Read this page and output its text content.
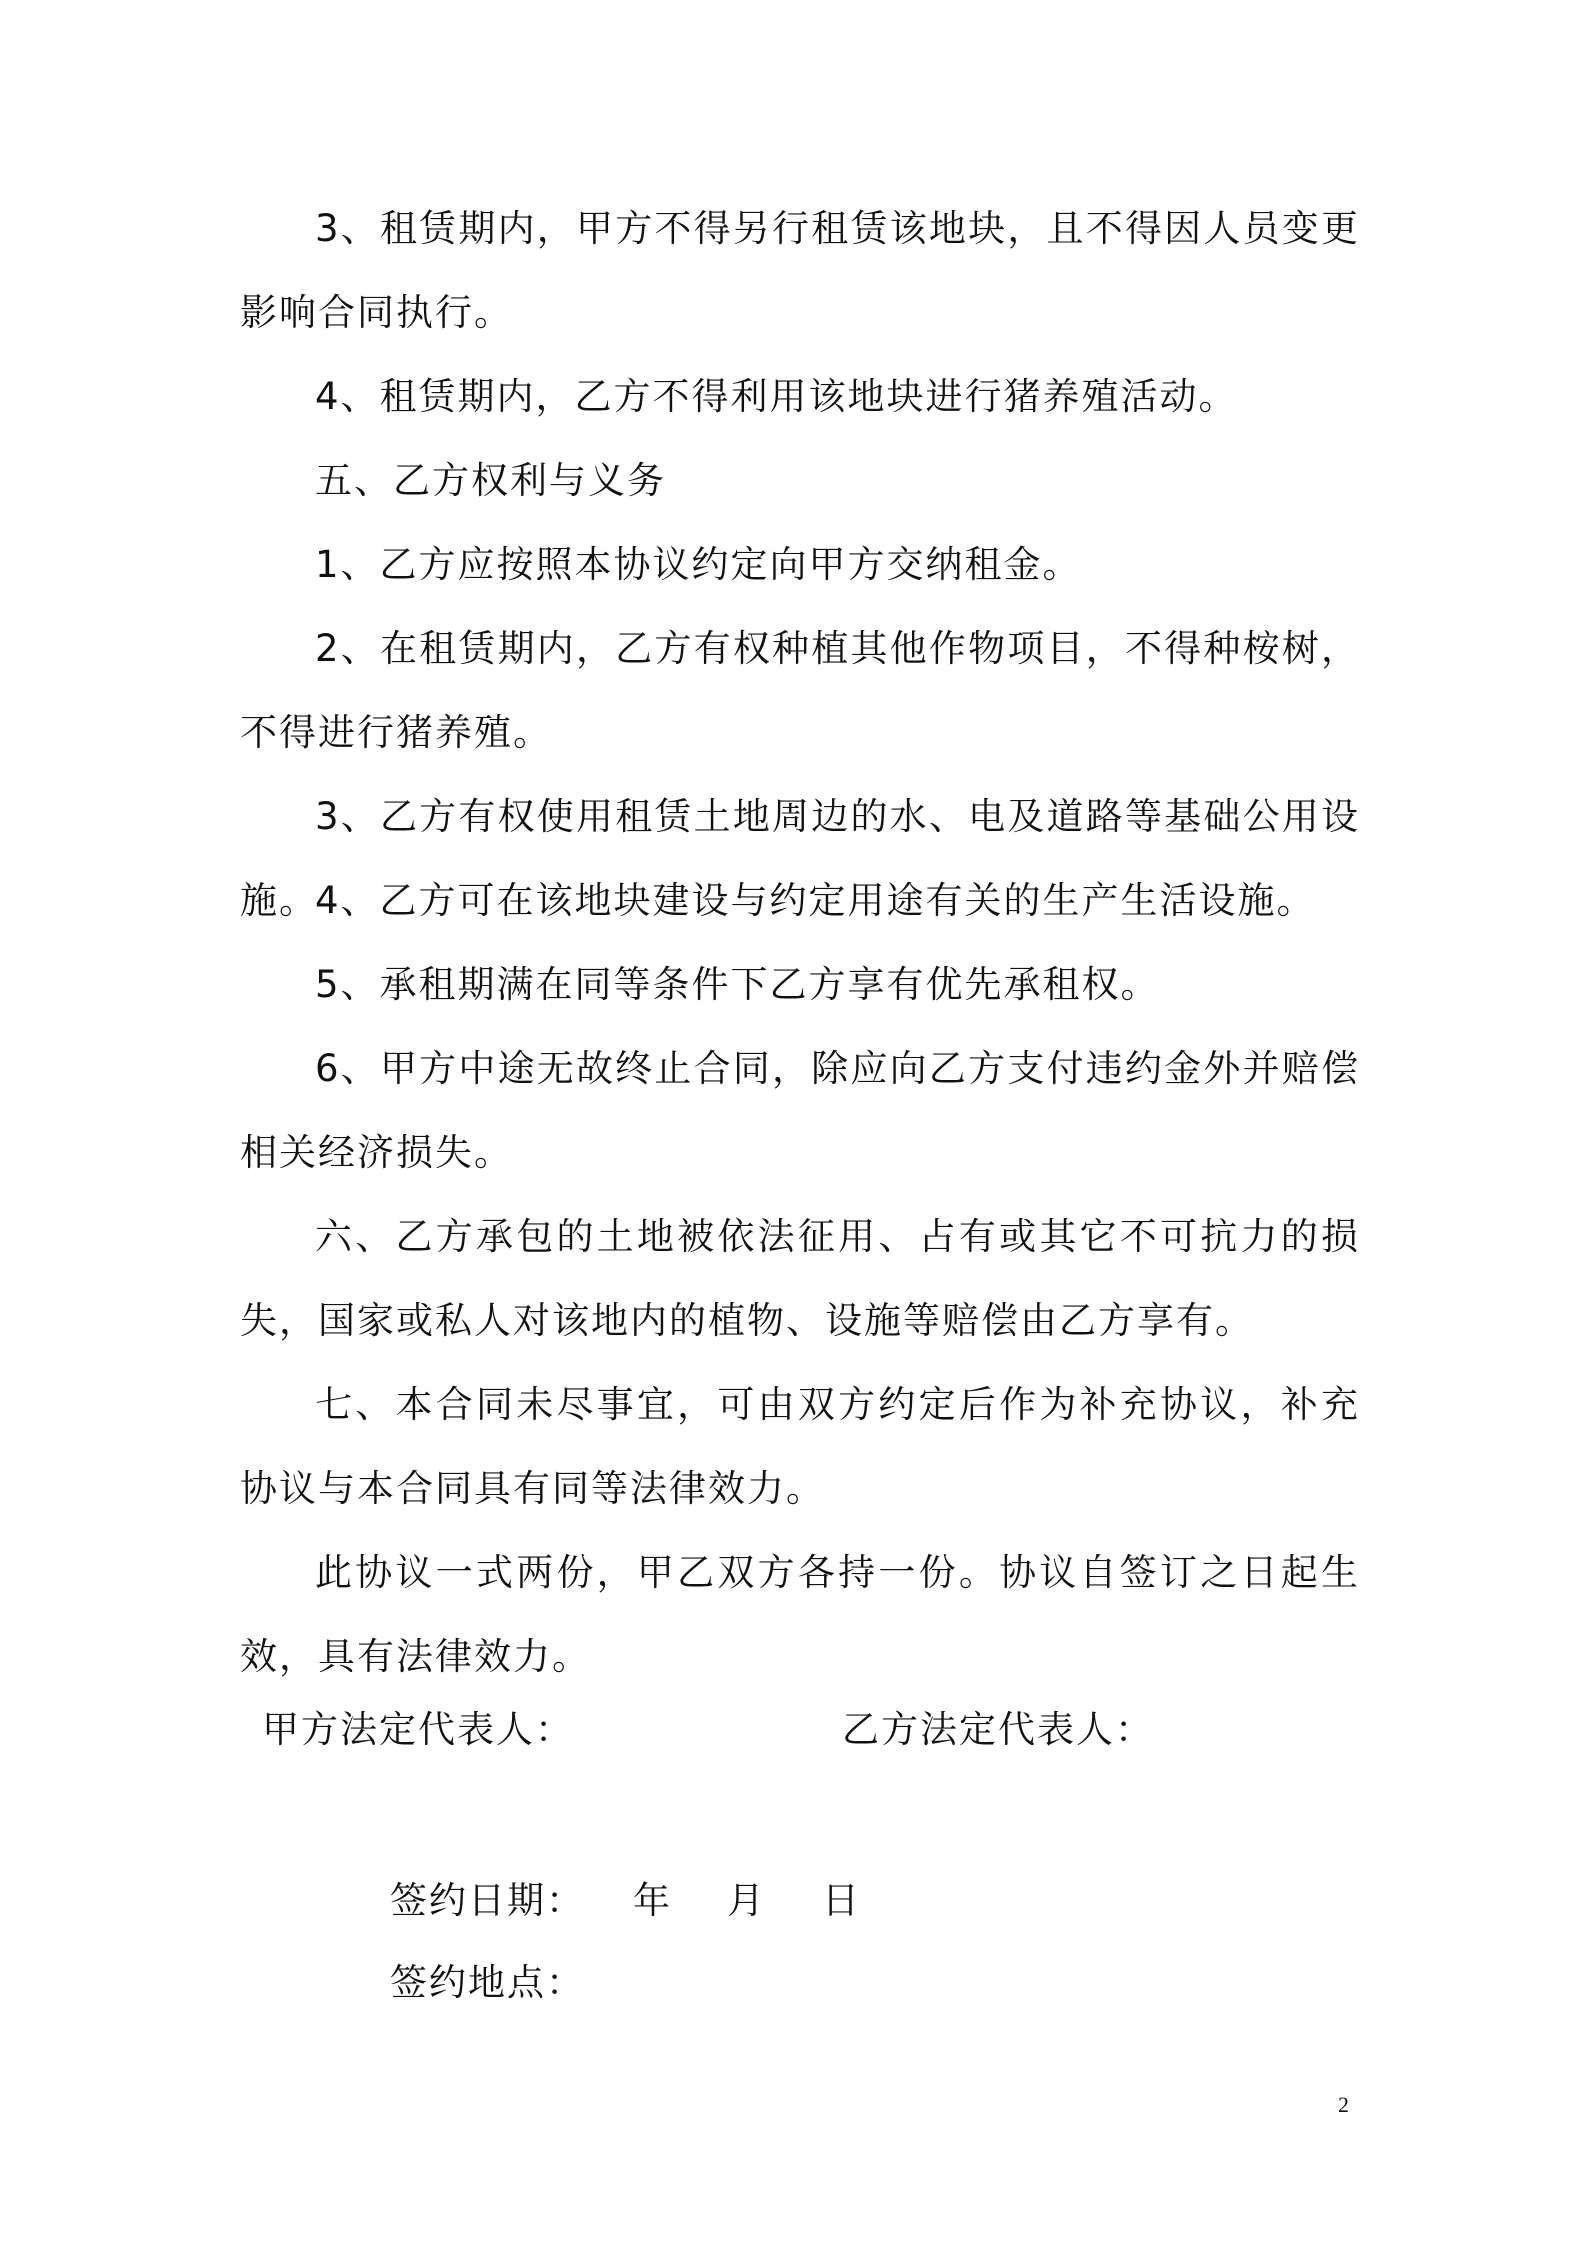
3、租赁期内，甲方不得另行租赁该地块，且不得因人员变更影响合同执行。

4、租赁期内，乙方不得利用该地块进行猪养殖活动。

五、乙方权利与义务

1、乙方应按照本协议约定向甲方交纳租金。

2、在租赁期内，乙方有权种植其他作物项目，不得种桉树，不得进行猪养殖。

3、乙方有权使用租赁土地周边的水、电及道路等基础公用设施。

4、乙方可在该地块建设与约定用途有关的生产生活设施。

5、承租期满在同等条件下乙方享有优先承租权。

6、甲方中途无故终止合同，除应向乙方支付违约金外并赔偿相关经济损失。

六、乙方承包的土地被依法征用、占有或其它不可抗力的损失，国家或私人对该地内的植物、设施等赔偿由乙方享有。

七、本合同未尽事宜，可由双方约定后作为补充协议，补充协议与本合同具有同等法律效力。

此协议一式两份，甲乙双方各持一份。协议自签订之日起生效，具有法律效力。

甲方法定代表人：	乙方法定代表人：
签约日期： 年 月 日
签约地点：
2
